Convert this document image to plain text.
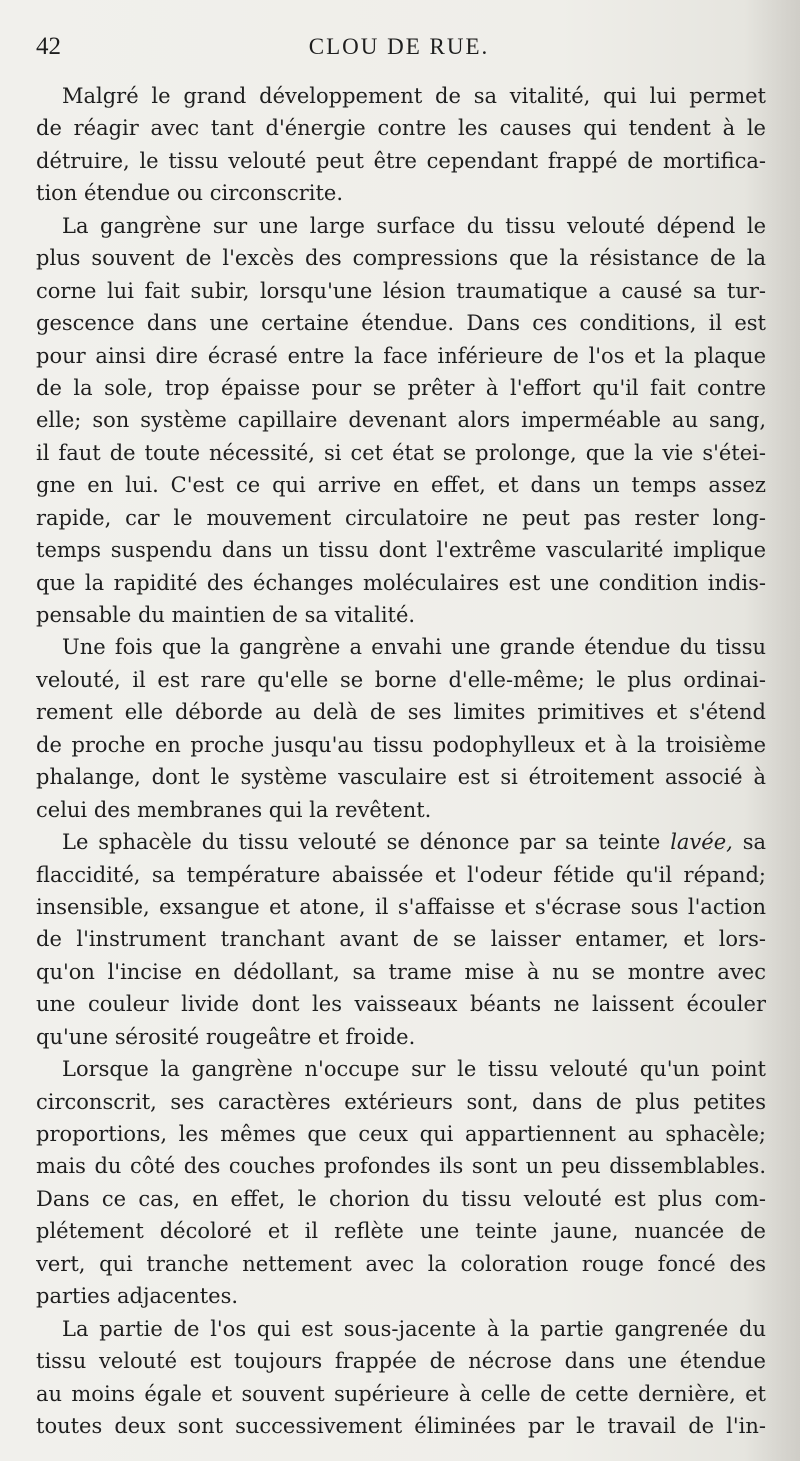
42	CLOU DE RUE.
Malgré le grand développement de sa vitalité, qui lui permet
de réagir avec tant d'énergie contre les causes qui tendent à le
détruire, le tissu velouté peut être cependant frappé de mortifica-
tion étendue ou circonscrite.
La gangrène sur une large surface du tissu velouté dépend le
plus souvent de l'excès des compressions que la résistance de la
corne lui fait subir, lorsqu'une lésion traumatique a causé sa tur-
gescence dans une certaine étendue. Dans ces conditions, il est
pour ainsi dire écrasé entre la face inférieure de l'os et la plaque
de la sole, trop épaisse pour se prêter à l'effort qu'il fait contre
elle; son système capillaire devenant alors imperméable au sang,
il faut de toute nécessité, si cet état se prolonge, que la vie s'étei-
gne en lui. C'est ce qui arrive en effet, et dans un temps assez
rapide, car le mouvement circulatoire ne peut pas rester long-
temps suspendu dans un tissu dont l'extrême vascularité implique
que la rapidité des échanges moléculaires est une condition indis-
pensable du maintien de sa vitalité.
Une fois que la gangrène a envahi une grande étendue du tissu
velouté, il est rare qu'elle se borne d'elle-même; le plus ordinai-
rement elle déborde au delà de ses limites primitives et s'étend
de proche en proche jusqu'au tissu podophylleux et à la troisième
phalange, dont le système vasculaire est si étroitement associé à
celui des membranes qui la revêtent.
Le sphacèle du tissu velouté se dénonce par sa teinte lavée, sa
flaccidité, sa température abaissée et l'odeur fétide qu'il répand;
insensible, exsangue et atone, il s'affaisse et s'écrase sous l'action
de l'instrument tranchant avant de se laisser entamer, et lors-
qu'on l'incise en dédollant, sa trame mise à nu se montre avec
une couleur livide dont les vaisseaux béants ne laissent écouler
qu'une sérosité rougeâtre et froide.
Lorsque la gangrène n'occupe sur le tissu velouté qu'un point
circonscrit, ses caractères extérieurs sont, dans de plus petites
proportions, les mêmes que ceux qui appartiennent au sphacèle;
mais du côté des couches profondes ils sont un peu dissemblables.
Dans ce cas, en effet, le chorion du tissu velouté est plus com-
plétement décoloré et il reflète une teinte jaune, nuancée de
vert, qui tranche nettement avec la coloration rouge foncé des
parties adjacentes.
La partie de l'os qui est sous-jacente à la partie gangrenée du
tissu velouté est toujours frappée de nécrose dans une étendue
au moins égale et souvent supérieure à celle de cette dernière, et
toutes deux sont successivement éliminées par le travail de l'in-
